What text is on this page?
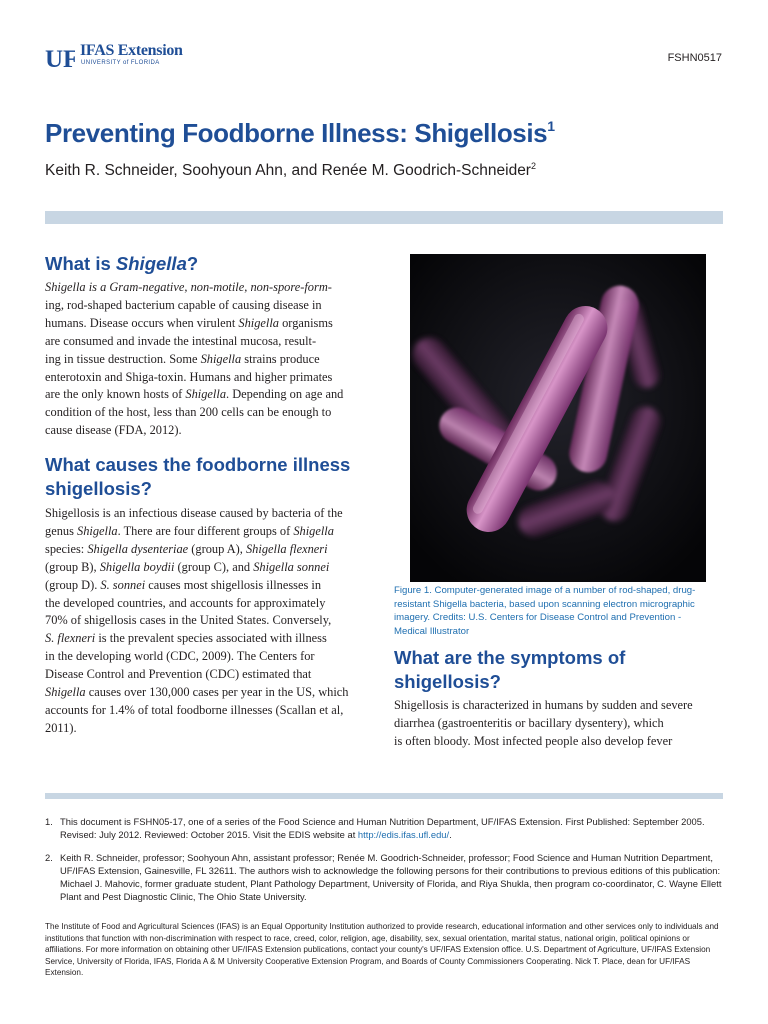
UF IFAS Extension
UNIVERSITY of FLORIDA	FSHN0517
Preventing Foodborne Illness: Shigellosis$^1$
Keith R. Schneider, Soohyoun Ahn, and Renée M. Goodrich-Schneider$^2$
What is Shigella?
Shigella is a Gram-negative, non-motile, non-spore-form-
ing, rod-shaped bacterium capable of causing disease in
humans. Disease occurs when virulent Shigella organisms
are consumed and invade the intestinal mucosa, result-
ing in tissue destruction. Some Shigella strains produce
enterotoxin and Shiga-toxin. Humans and higher primates
are the only known hosts of Shigella. Depending on age and
condition of the host, less than 200 cells can be enough to
cause disease (FDA, 2012).
What causes the foodborne illness shigellosis?
Shigellosis is an infectious disease caused by bacteria of the
genus Shigella. There are four different groups of Shigella
species: Shigella dysenteriae (group A), Shigella flexneri
(group B), Shigella boydii (group C), and Shigella sonnei
(group D). S. sonnei causes most shigellosis illnesses in
the developed countries, and accounts for approximately
70% of shigellosis cases in the United States. Conversely,
S. flexneri is the prevalent species associated with illness
in the developing world (CDC, 2009). The Centers for
Disease Control and Prevention (CDC) estimated that
Shigella causes over 130,000 cases per year in the US, which
accounts for 1.4% of total foodborne illnesses (Scallan et al,
2011).
Figure 1. Computer-generated image of a number of rod-shaped, drug-resistant Shigella bacteria, based upon scanning electron micrographic imagery. Credits: U.S. Centers for Disease Control and Prevention - Medical Illustrator
What are the symptoms of shigellosis?
Shigellosis is characterized in humans by sudden and severe
diarrhea (gastroenteritis or bacillary dysentery), which
is often bloody. Most infected people also develop fever
1. This document is FSHN05-17, one of a series of the Food Science and Human Nutrition Department, UF/IFAS Extension. First Published: September 2005. Revised: July 2012. Reviewed: October 2015. Visit the EDIS website at http://edis.ifas.ufl.edu/.
2. Keith R. Schneider, professor; Soohyoun Ahn, assistant professor; Renée M. Goodrich-Schneider, professor; Food Science and Human Nutrition Department, UF/IFAS Extension, Gainesville, FL 32611. The authors wish to acknowledge the following persons for their contributions to previous editions of this publication: Michael J. Mahovic, former graduate student, Plant Pathology Department, University of Florida, and Riya Shukla, then program co-coordinator, C. Wayne Ellett Plant and Pest Diagnostic Clinic, The Ohio State University.
The Institute of Food and Agricultural Sciences (IFAS) is an Equal Opportunity Institution authorized to provide research, educational information and other services only to individuals and institutions that function with non-discrimination with respect to race, creed, color, religion, age, disability, sex, sexual orientation, marital status, national origin, political opinions or affiliations. For more information on obtaining other UF/IFAS Extension publications, contact your county's UF/IFAS Extension office. U.S. Department of Agriculture, UF/IFAS Extension Service, University of Florida, IFAS, Florida A & M University Cooperative Extension Program, and Boards of County Commissioners Cooperating. Nick T. Place, dean for UF/IFAS Extension.
